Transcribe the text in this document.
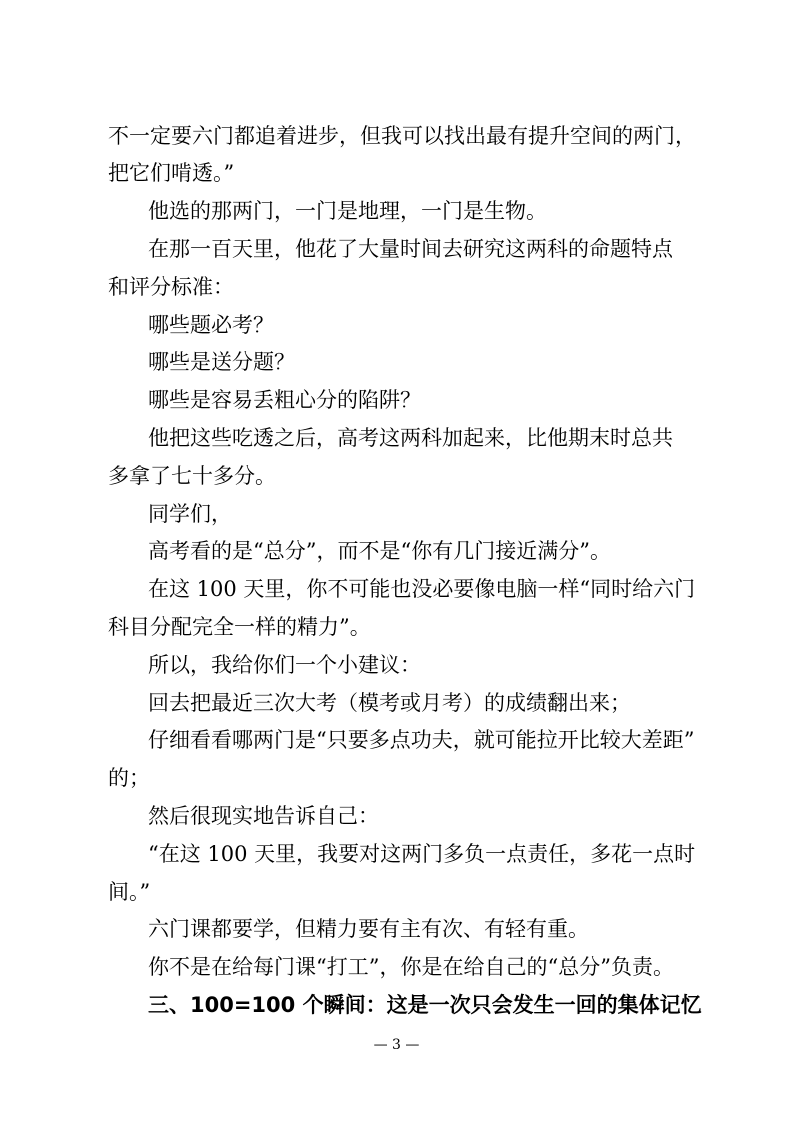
不一定要六门都追着进步，但我可以找出最有提升空间的两门，
把它们啃透。”
他选的那两门，一门是地理，一门是生物。
在那一百天里，他花了大量时间去研究这两科的命题特点
和评分标准：
哪些题必考？
哪些是送分题？
哪些是容易丢粗心分的陷阱？
他把这些吃透之后，高考这两科加起来，比他期末时总共
多拿了七十多分。
同学们，
高考看的是“总分”，而不是“你有几门接近满分”。
在这 100 天里，你不可能也没必要像电脑一样“同时给六门
科目分配完全一样的精力”。
所以，我给你们一个小建议：
回去把最近三次大考（模考或月考）的成绩翻出来；
仔细看看哪两门是“只要多点功夫，就可能拉开比较大差距”
的；
然后很现实地告诉自己：
“在这 100 天里，我要对这两门多负一点责任，多花一点时
间。”
六门课都要学，但精力要有主有次、有轻有重。
你不是在给每门课“打工”，你是在给自己的“总分”负责。
三、100=100 个瞬间：这是一次只会发生一回的集体记忆
— 3 —
